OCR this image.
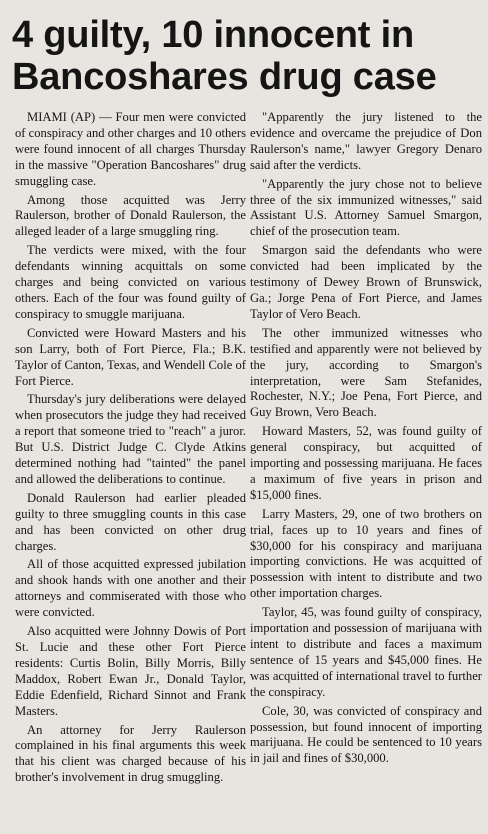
4 guilty, 10 innocent in Bancoshares drug case

MIAMI (AP) — Four men were convicted of conspiracy and other charges and 10 others were found innocent of all charges Thursday in the massive "Operation Bancoshares" drug smuggling case.

Among those acquitted was Jerry Raulerson, brother of Donald Raulerson, the alleged leader of a large smuggling ring.

The verdicts were mixed, with the four defendants winning acquittals on some charges and being convicted on various others. Each of the four was found guilty of conspiracy to smuggle marijuana.

Convicted were Howard Masters and his son Larry, both of Fort Pierce, Fla.; B.K. Taylor of Canton, Texas, and Wendell Cole of Fort Pierce.

Thursday's jury deliberations were delayed when prosecutors the judge they had received a report that someone tried to "reach" a juror. But U.S. District Judge C. Clyde Atkins determined nothing had "tainted" the panel and allowed the deliberations to continue.

Donald Raulerson had earlier pleaded guilty to three smuggling counts in this case and has been convicted on other drug charges.

All of those acquitted expressed jubilation and shook hands with one another and their attorneys and commiserated with those who were convicted.

Also acquitted were Johnny Dowis of Port St. Lucie and these other Fort Pierce residents: Curtis Bolin, Billy Morris, Billy Maddox, Robert Ewan Jr., Donald Taylor, Eddie Edenfield, Richard Sinnot and Frank Masters.

An attorney for Jerry Raulerson complained in his final arguments this week that his client was charged because of his brother's involvement in drug smuggling.

"Apparently the jury listened to the evidence and overcame the prejudice of Don Raulerson's name," lawyer Gregory Denaro said after the verdicts.

"Apparently the jury chose not to believe three of the six immunized witnesses," said Assistant U.S. Attorney Samuel Smargon, chief of the prosecution team.

Smargon said the defendants who were convicted had been implicated by the testimony of Dewey Brown of Brunswick, Ga.; Jorge Pena of Fort Pierce, and James Taylor of Vero Beach.

The other immunized witnesses who testified and apparently were not believed by the jury, according to Smargon's interpretation, were Sam Stefanides, Rochester, N.Y.; Joe Pena, Fort Pierce, and Guy Brown, Vero Beach.

Howard Masters, 52, was found guilty of general conspiracy, but acquitted of importing and possessing marijuana. He faces a maximum of five years in prison and $15,000 fines.

Larry Masters, 29, one of two brothers on trial, faces up to 10 years and fines of $30,000 for his conspiracy and marijuana importing convictions. He was acquitted of possession with intent to distribute and two other importation charges.

Taylor, 45, was found guilty of conspiracy, importation and possession of marijuana with intent to distribute and faces a maximum sentence of 15 years and $45,000 fines. He was acquitted of international travel to further the conspiracy.

Cole, 30, was convicted of conspiracy and possession, but found innocent of importing marijuana. He could be sentenced to 10 years in jail and fines of $30,000.
